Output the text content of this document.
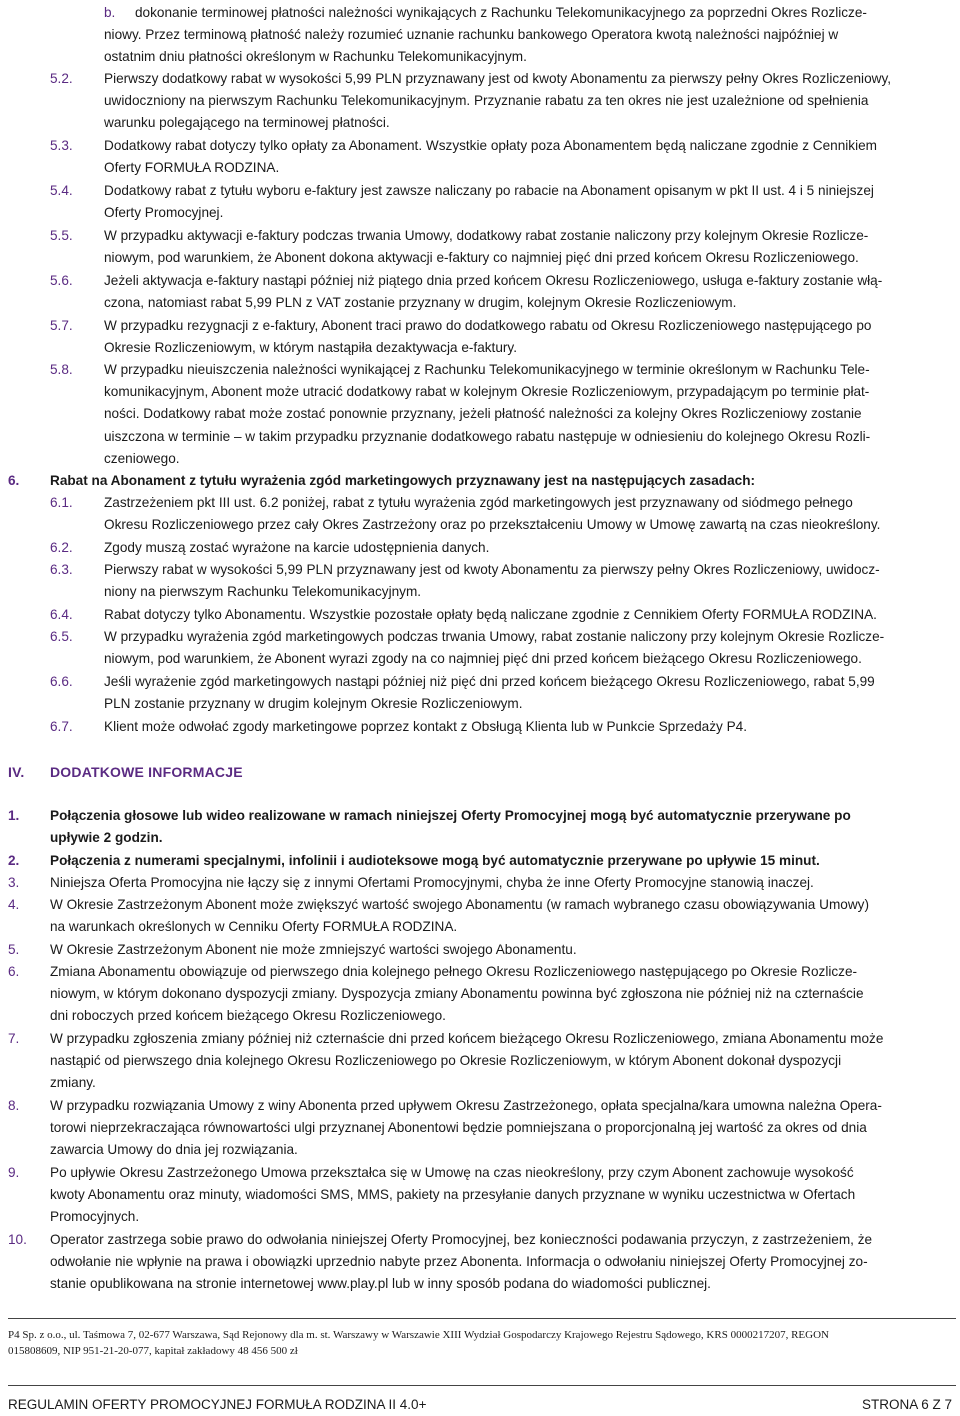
b. dokonanie terminowej płatności należności wynikających z Rachunku Telekomunikacyjnego za poprzedni Okres Rozlicze-
niowy. Przez terminową płatność należy rozumieć uznanie rachunku bankowego Operatora kwotą należności najpóźniej w
ostatnim dniu płatności określonym w Rachunku Telekomunikacyjnym.
5.2. Pierwszy dodatkowy rabat w wysokości 5,99 PLN przyznawany jest od kwoty Abonamentu za pierwszy pełny Okres Rozliczeniowy,
uwidoczniony na pierwszym Rachunku Telekomunikacyjnym. Przyznanie rabatu za ten okres nie jest uzależnione od spełnienia
warunku polegającego na terminowej płatności.
5.3. Dodatkowy rabat dotyczy tylko opłaty za Abonament. Wszystkie opłaty poza Abonamentem będą naliczane zgodnie z Cennikiem
Oferty FORMUŁA RODZINA.
5.4. Dodatkowy rabat z tytułu wyboru e-faktury jest zawsze naliczany po rabacie na Abonament opisanym w pkt II ust. 4 i 5 niniejszej
Oferty Promocyjnej.
5.5. W przypadku aktywacji e-faktury podczas trwania Umowy, dodatkowy rabat zostanie naliczony przy kolejnym Okresie Rozlicze-
niowym, pod warunkiem, że Abonent dokona aktywacji e-faktury co najmniej pięć dni przed końcem Okresu Rozliczeniowego.
5.6. Jeżeli aktywacja e-faktury nastąpi później niż piątego dnia przed końcem Okresu Rozliczeniowego, usługa e-faktury zostanie włą-
czona, natomiast rabat 5,99 PLN z VAT zostanie przyznany w drugim, kolejnym Okresie Rozliczeniowym.
5.7. W przypadku rezygnacji z e-faktury, Abonent traci prawo do dodatkowego rabatu od Okresu Rozliczeniowego następującego po
Okresie Rozliczeniowym, w którym nastąpiła dezaktywacja e-faktury.
5.8. W przypadku nieuiszczenia należności wynikającej z Rachunku Telekomunikacyjnego w terminie określonym w Rachunku Tele-
komunikacyjnym, Abonent może utracić dodatkowy rabat w kolejnym Okresie Rozliczeniowym, przypadającym po terminie płat-
ności. Dodatkowy rabat może zostać ponownie przyznany, jeżeli płatność należności za kolejny Okres Rozliczeniowy zostanie
uiszczona w terminie – w takim przypadku przyznanie dodatkowego rabatu następuje w odniesieniu do kolejnego Okresu Rozli-
czeniowego.
6. Rabat na Abonament z tytułu wyrażenia zgód marketingowych przyznawany jest na następujących zasadach:
6.1. Zastrzeżeniem pkt III ust. 6.2 poniżej, rabat z tytułu wyrażenia zgód marketingowych jest przyznawany od siódmego pełnego
Okresu Rozliczeniowego przez cały Okres Zastrzeżony oraz po przekształceniu Umowy w Umowę zawartą na czas nieokreślony.
6.2. Zgody muszą zostać wyrażone na karcie udostępnienia danych.
6.3. Pierwszy rabat w wysokości 5,99 PLN przyznawany jest od kwoty Abonamentu za pierwszy pełny Okres Rozliczeniowy, uwidocz-
niony na pierwszym Rachunku Telekomunikacyjnym.
6.4. Rabat dotyczy tylko Abonamentu. Wszystkie pozostałe opłaty będą naliczane zgodnie z Cennikiem Oferty FORMUŁA RODZINA.
6.5. W przypadku wyrażenia zgód marketingowych podczas trwania Umowy, rabat zostanie naliczony przy kolejnym Okresie Rozlicze-
niowym, pod warunkiem, że Abonent wyrazi zgody na co najmniej pięć dni przed końcem bieżącego Okresu Rozliczeniowego.
6.6. Jeśli wyrażenie zgód marketingowych nastąpi później niż pięć dni przed końcem bieżącego Okresu Rozliczeniowego, rabat 5,99
PLN zostanie przyznany w drugim kolejnym Okresie Rozliczeniowym.
6.7. Klient może odwołać zgody marketingowe poprzez kontakt z Obsługą Klienta lub w Punkcie Sprzedaży P4.
1. Połączenia głosowe lub wideo realizowane w ramach niniejszej Oferty Promocyjnej mogą być automatycznie przerywane po
upływie 2 godzin.
2. Połączenia z numerami specjalnymi, infolinii i audioteksowe mogą być automatycznie przerywane po upływie 15 minut.
3. Niniejsza Oferta Promocyjna nie łączy się z innymi Ofertami Promocyjnymi, chyba że inne Oferty Promocyjne stanowią inaczej.
4. W Okresie Zastrzeżonym Abonent może zwiększyć wartość swojego Abonamentu (w ramach wybranego czasu obowiązywania Umowy)
na warunkach określonych w Cenniku Oferty FORMUŁA RODZINA.
5. W Okresie Zastrzeżonym Abonent nie może zmniejszyć wartości swojego Abonamentu.
6. Zmiana Abonamentu obowiązuje od pierwszego dnia kolejnego pełnego Okresu Rozliczeniowego następującego po Okresie Rozlicze-
niowym, w którym dokonano dyspozycji zmiany. Dyspozycja zmiany Abonamentu powinna być zgłoszona nie później niż na czternaście
dni roboczych przed końcem bieżącego Okresu Rozliczeniowego.
7. W przypadku zgłoszenia zmiany później niż czternaście dni przed końcem bieżącego Okresu Rozliczeniowego, zmiana Abonamentu może
nastąpić od pierwszego dnia kolejnego Okresu Rozliczeniowego po Okresie Rozliczeniowym, w którym Abonent dokonał dyspozycji
zmiany.
8. W przypadku rozwiązania Umowy z winy Abonenta przed upływem Okresu Zastrzeżonego, opłata specjalna/kara umowna należna Opera-
torowi nieprzekraczająca równowartości ulgi przyznanej Abonentowi będzie pomniejszana o proporcjonalną jej wartość za okres od dnia
zawarcia Umowy do dnia jej rozwiązania.
9. Po upływie Okresu Zastrzeżonego Umowa przekształca się w Umowę na czas nieokreślony, przy czym Abonent zachowuje wysokość
kwoty Abonamentu oraz minuty, wiadomości SMS, MMS, pakiety na przesyłanie danych przyznane w wyniku uczestnictwa w Ofertach
Promocyjnych.
10. Operator zastrzega sobie prawo do odwołania niniejszej Oferty Promocyjnej, bez konieczności podawania przyczyn, z zastrzeżeniem, że
odwołanie nie wpłynie na prawa i obowiązki uprzednio nabyte przez Abonenta. Informacja o odwołaniu niniejszej Oferty Promocyjnej zo-
stanie opublikowana na stronie internetowej www.play.pl lub w inny sposób podana do wiadomości publicznej.
IV. DODATKOWE INFORMACJE
P4 Sp. z o.o., ul. Taśmowa 7, 02-677 Warszawa, Sąd Rejonowy dla m. st. Warszawy w Warszawie XIII Wydział Gospodarczy Krajowego Rejestru Sądowego, KRS 0000217207, REGON
015808609, NIP 951-21-20-077, kapitał zakładowy 48 456 500 zł
REGULAMIN OFERTY PROMOCYJNEJ FORMUŁA RODZINA II 4.0+	STRONA 6 Z 7
